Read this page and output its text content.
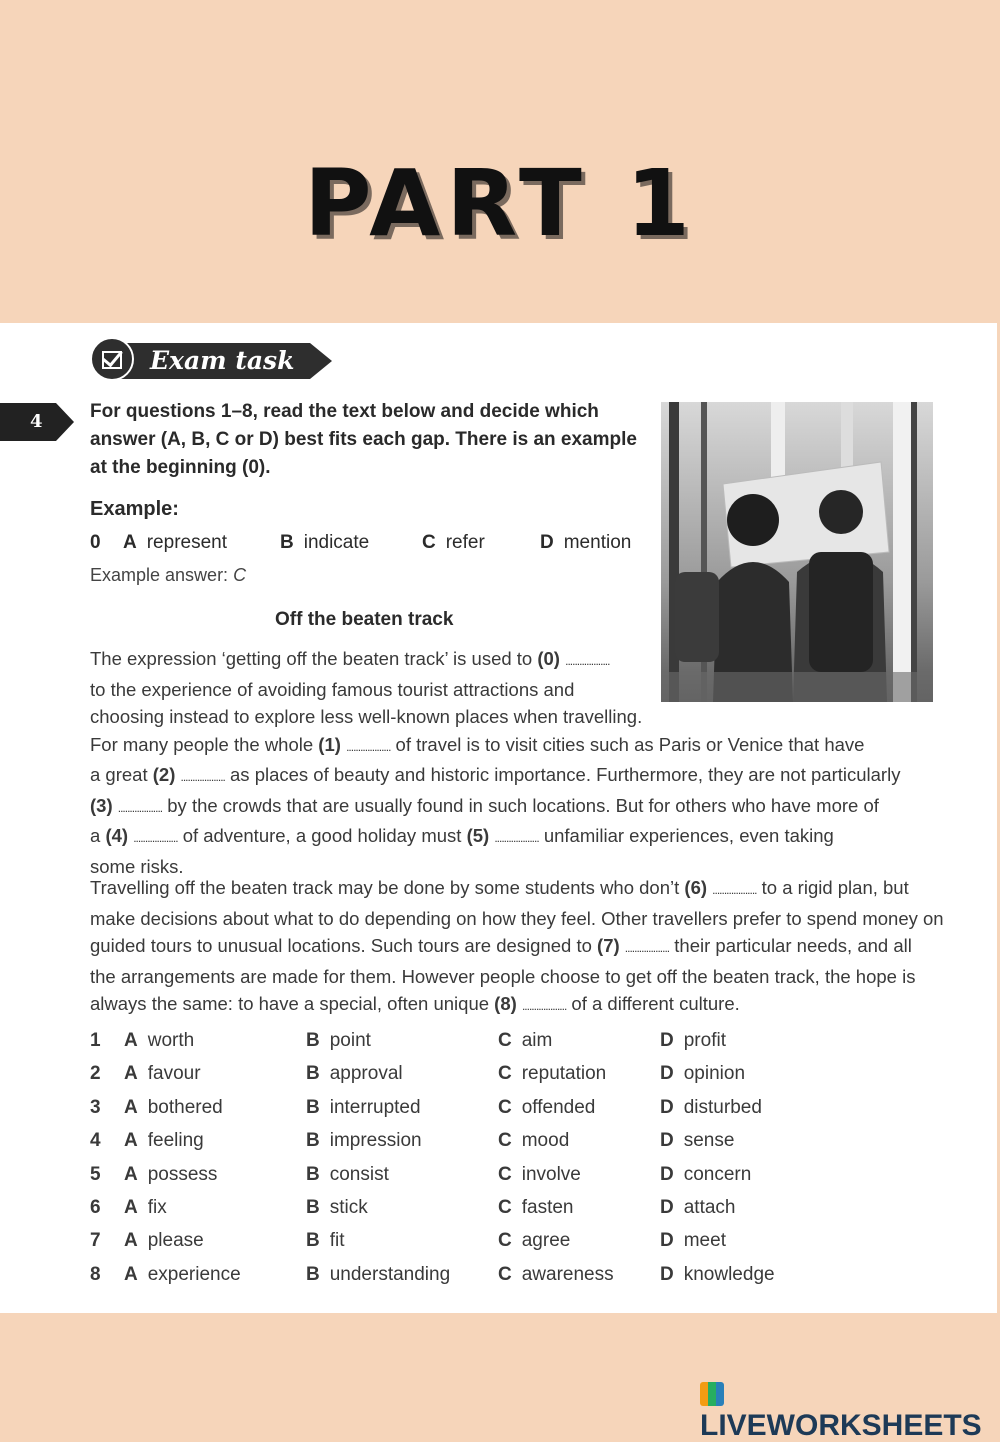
PART 1
Exam task
4 For questions 1–8, read the text below and decide which answer (A, B, C or D) best fits each gap. There is an example at the beginning (0).
Example:
0 A represent	B indicate	C refer	D mention
Example answer: C
Off the beaten track
The expression ‘getting off the beaten track’ is used to (0) ...................
to the experience of avoiding famous tourist attractions and
choosing instead to explore less well-known places when travelling.
For many people the whole (1) ................... of travel is to visit cities such as Paris or Venice that have
a great (2) ................... as places of beauty and historic importance. Furthermore, they are not particularly
(3) ................... by the crowds that are usually found in such locations. But for others who have more of
a (4) ................... of adventure, a good holiday must (5) ................... unfamiliar experiences, even taking
some risks.
Travelling off the beaten track may be done by some students who don’t (6) ................... to a rigid plan, but
make decisions about what to do depending on how they feel. Other travellers prefer to spend money on
guided tours to unusual locations. Such tours are designed to (7) ................... their particular needs, and all
the arrangements are made for them. However people choose to get off the beaten track, the hope is
always the same: to have a special, often unique (8) ................... of a different culture.
1 A worth	B point	C aim	D profit
2 A favour	B approval	C reputation	D opinion
3 A bothered	B interrupted	C offended	D disturbed
4 A feeling	B impression	C mood	D sense
5 A possess	B consist	C involve	D concern
6 A fix	B stick	C fasten	D attach
7 A please	B fit	C agree	D meet
8 A experience	B understanding	C awareness D knowledge
LIVEWORKSHEETS
